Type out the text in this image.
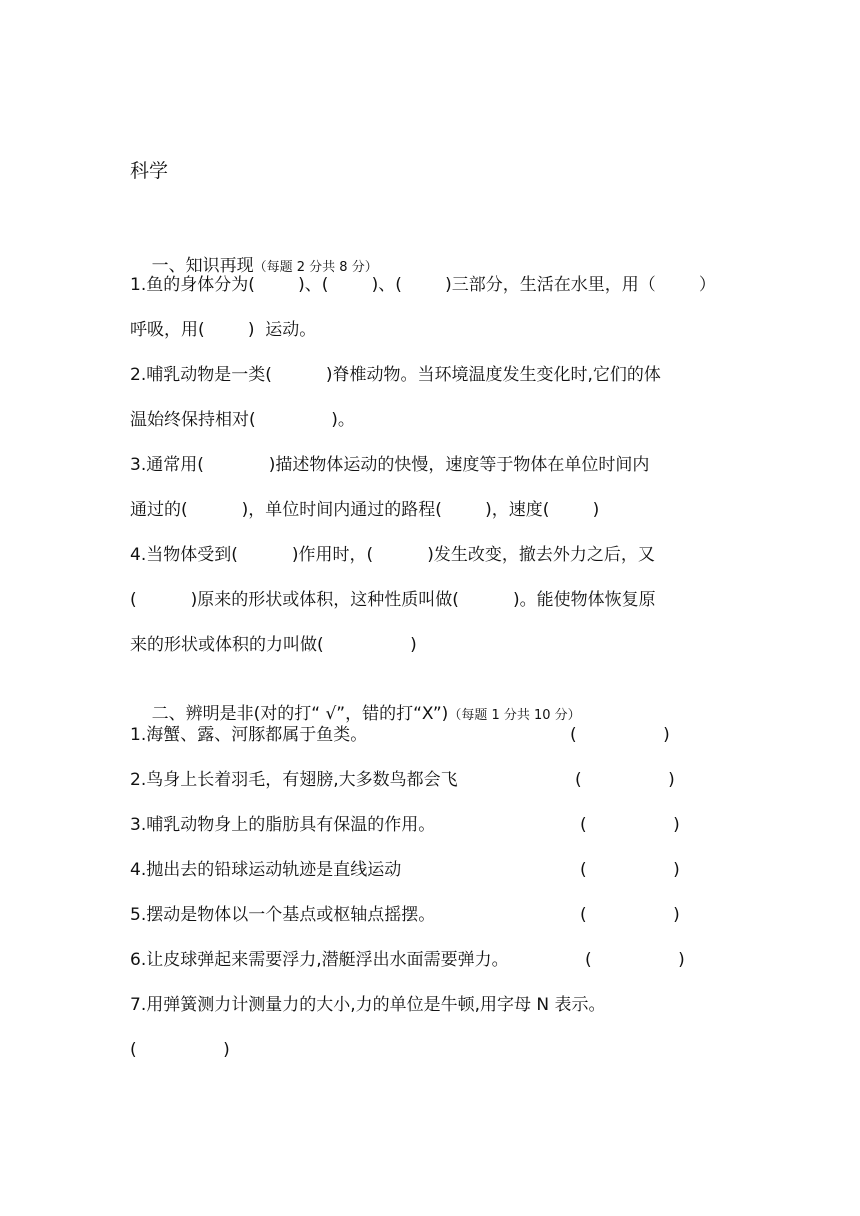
科学

一、知识再现（每题 2 分共 8 分）

1.鱼的身体分为(        )、(        )、(        )三部分，生活在水里，用（        ）
呼吸，用(        )  运动。
2.哺乳动物是一类(          )脊椎动物。当环境温度发生变化时,它们的体
温始终保持相对(              )。
3.通常用(            )描述物体运动的快慢，速度等于物体在单位时间内
通过的(          )，单位时间内通过的路程(        )，速度(        )
4.当物体受到(          )作用时，(          )发生改变，撤去外力之后，又
(          )原来的形状或体积，这种性质叫做(          )。能使物体恢复原
来的形状或体积的力叫做(                )

二、辨明是非(对的打“ √”，错的打“X”)（每题 1 分共 10 分）

1.海蟹、露、河豚都属于鱼类。	(                )
2.鸟身上长着羽毛，有翅膀,大多数鸟都会飞	(                )
3.哺乳动物身上的脂肪具有保温的作用。	(                )
4.抛出去的铅球运动轨迹是直线运动	(                )
5.摆动是物体以一个基点或枢轴点摇摆。	(                )
6.让皮球弹起来需要浮力,潜艇浮出水面需要弹力。	(                )
7.用弹簧测力计测量力的大小,力的单位是牛顿,用字母 N 表示。
(                )
